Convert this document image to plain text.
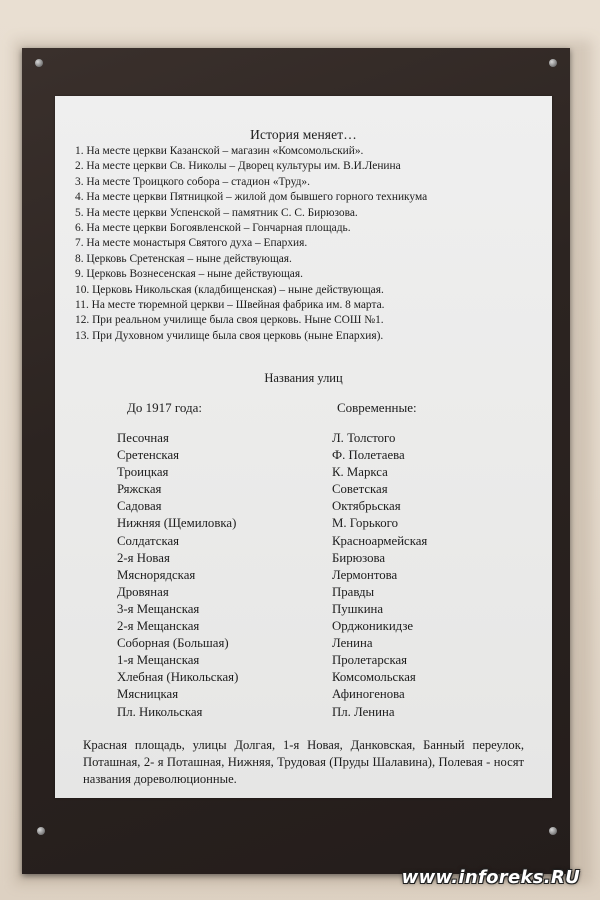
История меняет…
1. На месте церкви Казанской – магазин «Комсомольский».
2. На месте церкви Св. Николы – Дворец культуры им. В.И.Ленина
3. На месте Троицкого собора – стадион «Труд».
4. На месте церкви Пятницкой – жилой дом бывшего горного техникума
5. На месте церкви Успенской – памятник С. С. Бирюзова.
6. На месте церкви Богоявленской – Гончарная площадь.
7. На месте монастыря Святого духа – Епархия.
8. Церковь Сретенская – ныне действующая.
9. Церковь Вознесенская – ныне действующая.
10. Церковь Никольская (кладбищенская) – ныне действующая.
11. На месте тюремной церкви – Швейная фабрика им. 8 марта.
12. При реальном училище была своя церковь. Ныне СОШ №1.
13. При Духовном училище была своя церковь (ныне Епархия).
Названия улиц
До 1917 года:	Современные:
Песочная
Сретенская
Троицкая
Ряжская
Садовая
Нижняя (Щемиловка)
Солдатская
2-я Новая
Мяснорядская
Дровяная
3-я Мещанская
2-я Мещанская
Соборная (Большая)
1-я Мещанская
Хлебная (Никольская)
Мясницкая
Пл. Никольская
Л. Толстого
Ф. Полетаева
К. Маркса
Советская
Октябрьская
М. Горького
Красноармейская
Бирюзова
Лермонтова
Правды
Пушкина
Орджоникидзе
Ленина
Пролетарская
Комсомольская
Афиногенова
Пл. Ленина
Красная площадь, улицы Долгая, 1-я Новая, Данковская, Банный переулок, Поташная, 2- я Поташная, Нижняя, Трудовая (Пруды Шалавина), Полевая - носят названия дореволюционные.
www.inforeks.RU
